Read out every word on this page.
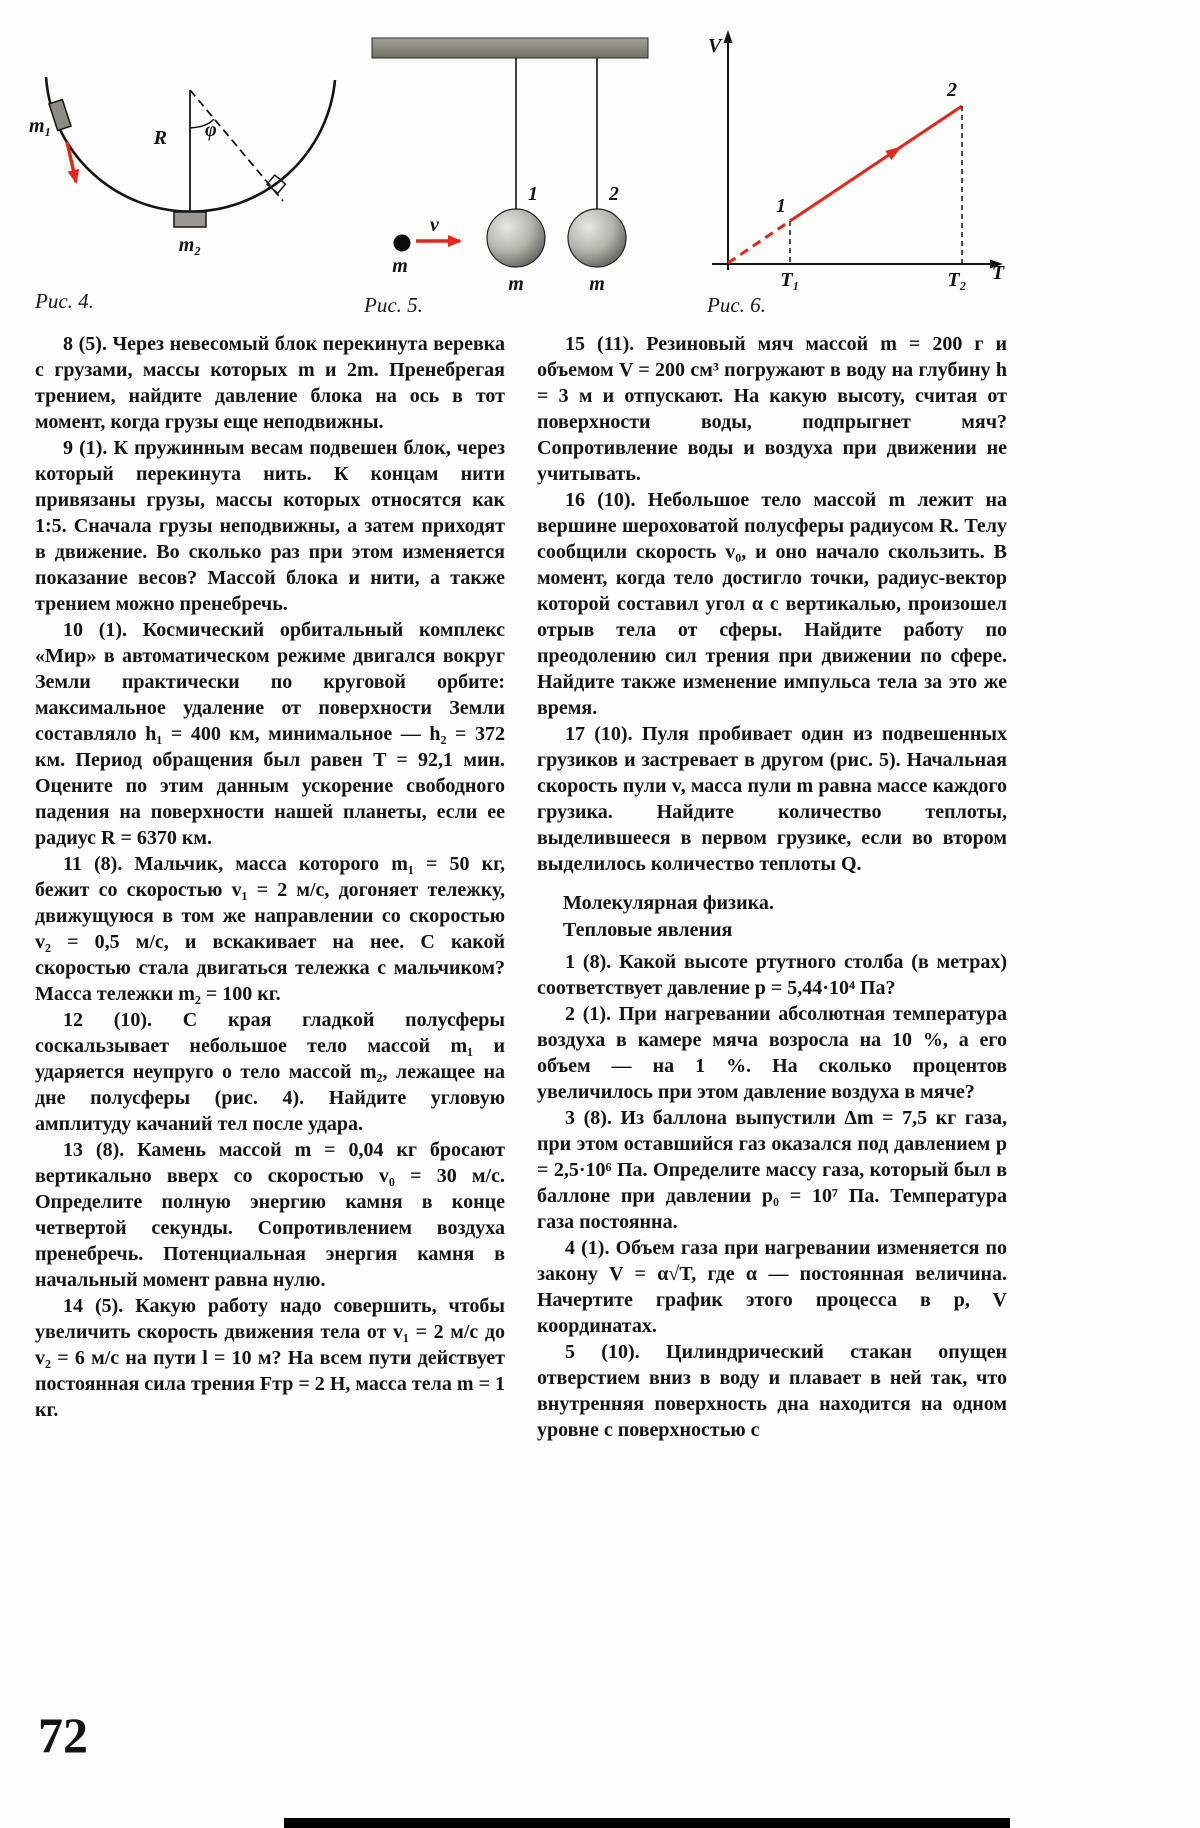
m₁
R φ
m₂
Рис. 4.
1	2
m	m
m
v
Рис. 5.
V
T
1
T₁
2
T₂
Рис. 6.

8 (5). Через невесомый блок перекинута веревка с грузами, массы которых m и 2m. Пренебрегая трением, найдите давление блока на ось в тот момент, когда грузы еще неподвижны.

9 (1). К пружинным весам подвешен блок, через который перекинута нить. К концам нити привязаны грузы, массы которых относятся как 1:5. Сначала грузы неподвижны, а затем приходят в движение. Во сколько раз при этом изменяется показание весов? Массой блока и нити, а также трением можно пренебречь.

10 (1). Космический орбитальный комплекс «Мир» в автоматическом режиме двигался вокруг Земли практически по круговой орбите: максимальное удаление от поверхности Земли составляло h₁ = 400 км, минимальное — h₂ = 372 км. Период обращения был равен T = 92,1 мин. Оцените по этим данным ускорение свободного падения на поверхности нашей планеты, если ее радиус R = 6370 км.

11 (8). Мальчик, масса которого m₁ = 50 кг, бежит со скоростью v₁ = 2 м/с, догоняет тележку, движущуюся в том же направлении со скоростью v₂ = 0,5 м/с, и вскакивает на нее. С какой скоростью стала двигаться тележка с мальчиком? Масса тележки m₂ = 100 кг.

12 (10). С края гладкой полусферы соскальзывает небольшое тело массой m₁ и ударяется неупруго о тело массой m₂, лежащее на дне полусферы (рис. 4). Найдите угловую амплитуду качаний тел после удара.

13 (8). Камень массой m = 0,04 кг бросают вертикально вверх со скоростью v₀ = 30 м/с. Определите полную энергию камня в конце четвертой секунды. Сопротивлением воздуха пренебречь. Потенциальная энергия камня в начальный момент равна нулю.

14 (5). Какую работу надо совершить, чтобы увеличить скорость движения тела от v₁ = 2 м/с до v₂ = 6 м/с на пути l = 10 м? На всем пути действует постоянная сила трения Fтр = 2 Н, масса тела m = 1 кг.

15 (11). Резиновый мяч массой m = 200 г и объемом V = 200 см³ погружают в воду на глубину h = 3 м и отпускают. На какую высоту, считая от поверхности воды, подпрыгнет мяч? Сопротивление воды и воздуха при движении не учитывать.

16 (10). Небольшое тело массой m лежит на вершине шероховатой полусферы радиусом R. Телу сообщили скорость v₀, и оно начало скользить. В момент, когда тело достигло точки, радиус-вектор которой составил угол α с вертикалью, произошел отрыв тела от сферы. Найдите работу по преодолению сил трения при движении по сфере. Найдите также изменение импульса тела за это же время.

17 (10). Пуля пробивает один из подвешенных грузиков и застревает в другом (рис. 5). Начальная скорость пули v, масса пули m равна массе каждого грузика. Найдите количество теплоты, выделившееся в первом грузике, если во втором выделилось количество теплоты Q.

Молекулярная физика.
Тепловые явления

1 (8). Какой высоте ртутного столба (в метрах) соответствует давление p = 5,44·10⁴ Па?

2 (1). При нагревании абсолютная температура воздуха в камере мяча возросла на 10 %, а его объем — на 1 %. На сколько процентов увеличилось при этом давление воздуха в мяче?

3 (8). Из баллона выпустили Δm = 7,5 кг газа, при этом оставшийся газ оказался под давлением p = 2,5·10⁶ Па. Определите массу газа, который был в баллоне при давлении p₀ = 10⁷ Па. Температура газа постоянна.

4 (1). Объем газа при нагревании изменяется по закону V = α√T, где α — постоянная величина. Начертите график этого процесса в p, V координатах.

5 (10). Цилиндрический стакан опущен отверстием вниз в воду и плавает в ней так, что внутренняя поверхность дна находится на одном уровне с поверхностью с

72
